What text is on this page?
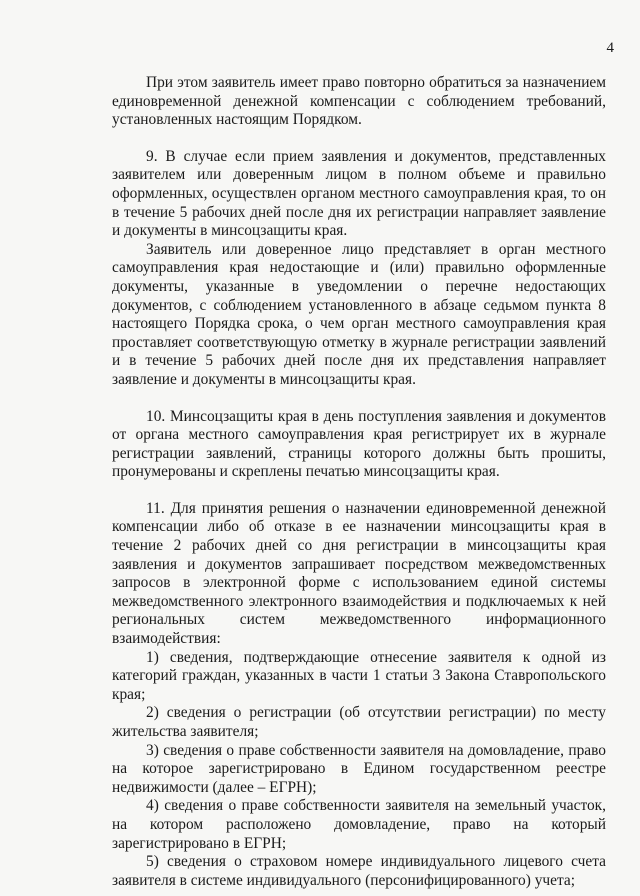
4

При этом заявитель имеет право повторно обратиться за назначением единовременной денежной компенсации с соблюдением требований, установленных настоящим Порядком.

9. В случае если прием заявления и документов, представленных заявителем или доверенным лицом в полном объеме и правильно оформленных, осуществлен органом местного самоуправления края, то он в течение 5 рабочих дней после дня их регистрации направляет заявление и документы в минсоцзащиты края.

Заявитель или доверенное лицо представляет в орган местного самоуправления края недостающие и (или) правильно оформленные документы, указанные в уведомлении о перечне недостающих документов, с соблюдением установленного в абзаце седьмом пункта 8 настоящего Порядка срока, о чем орган местного самоуправления края проставляет соответствующую отметку в журнале регистрации заявлений и в течение 5 рабочих дней после дня их представления направляет заявление и документы в минсоцзащиты края.

10. Минсоцзащиты края в день поступления заявления и документов от органа местного самоуправления края регистрирует их в журнале регистрации заявлений, страницы которого должны быть прошиты, пронумерованы и скреплены печатью минсоцзащиты края.

11. Для принятия решения о назначении единовременной денежной компенсации либо об отказе в ее назначении минсоцзащиты края в течение 2 рабочих дней со дня регистрации в минсоцзащиты края заявления и документов запрашивает посредством межведомственных запросов в электронной форме с использованием единой системы межведомственного электронного взаимодействия и подключаемых к ней региональных систем межведомственного информационного взаимодействия:

1) сведения, подтверждающие отнесение заявителя к одной из категорий граждан, указанных в части 1 статьи 3 Закона Ставропольского края;

2) сведения о регистрации (об отсутствии регистрации) по месту жительства заявителя;

3) сведения о праве собственности заявителя на домовладение, право на которое зарегистрировано в Едином государственном реестре недвижимости (далее – ЕГРН);

4) сведения о праве собственности заявителя на земельный участок, на котором расположено домовладение, право на который зарегистрировано в ЕГРН;

5) сведения о страховом номере индивидуального лицевого счета заявителя в системе индивидуального (персонифицированного) учета;
